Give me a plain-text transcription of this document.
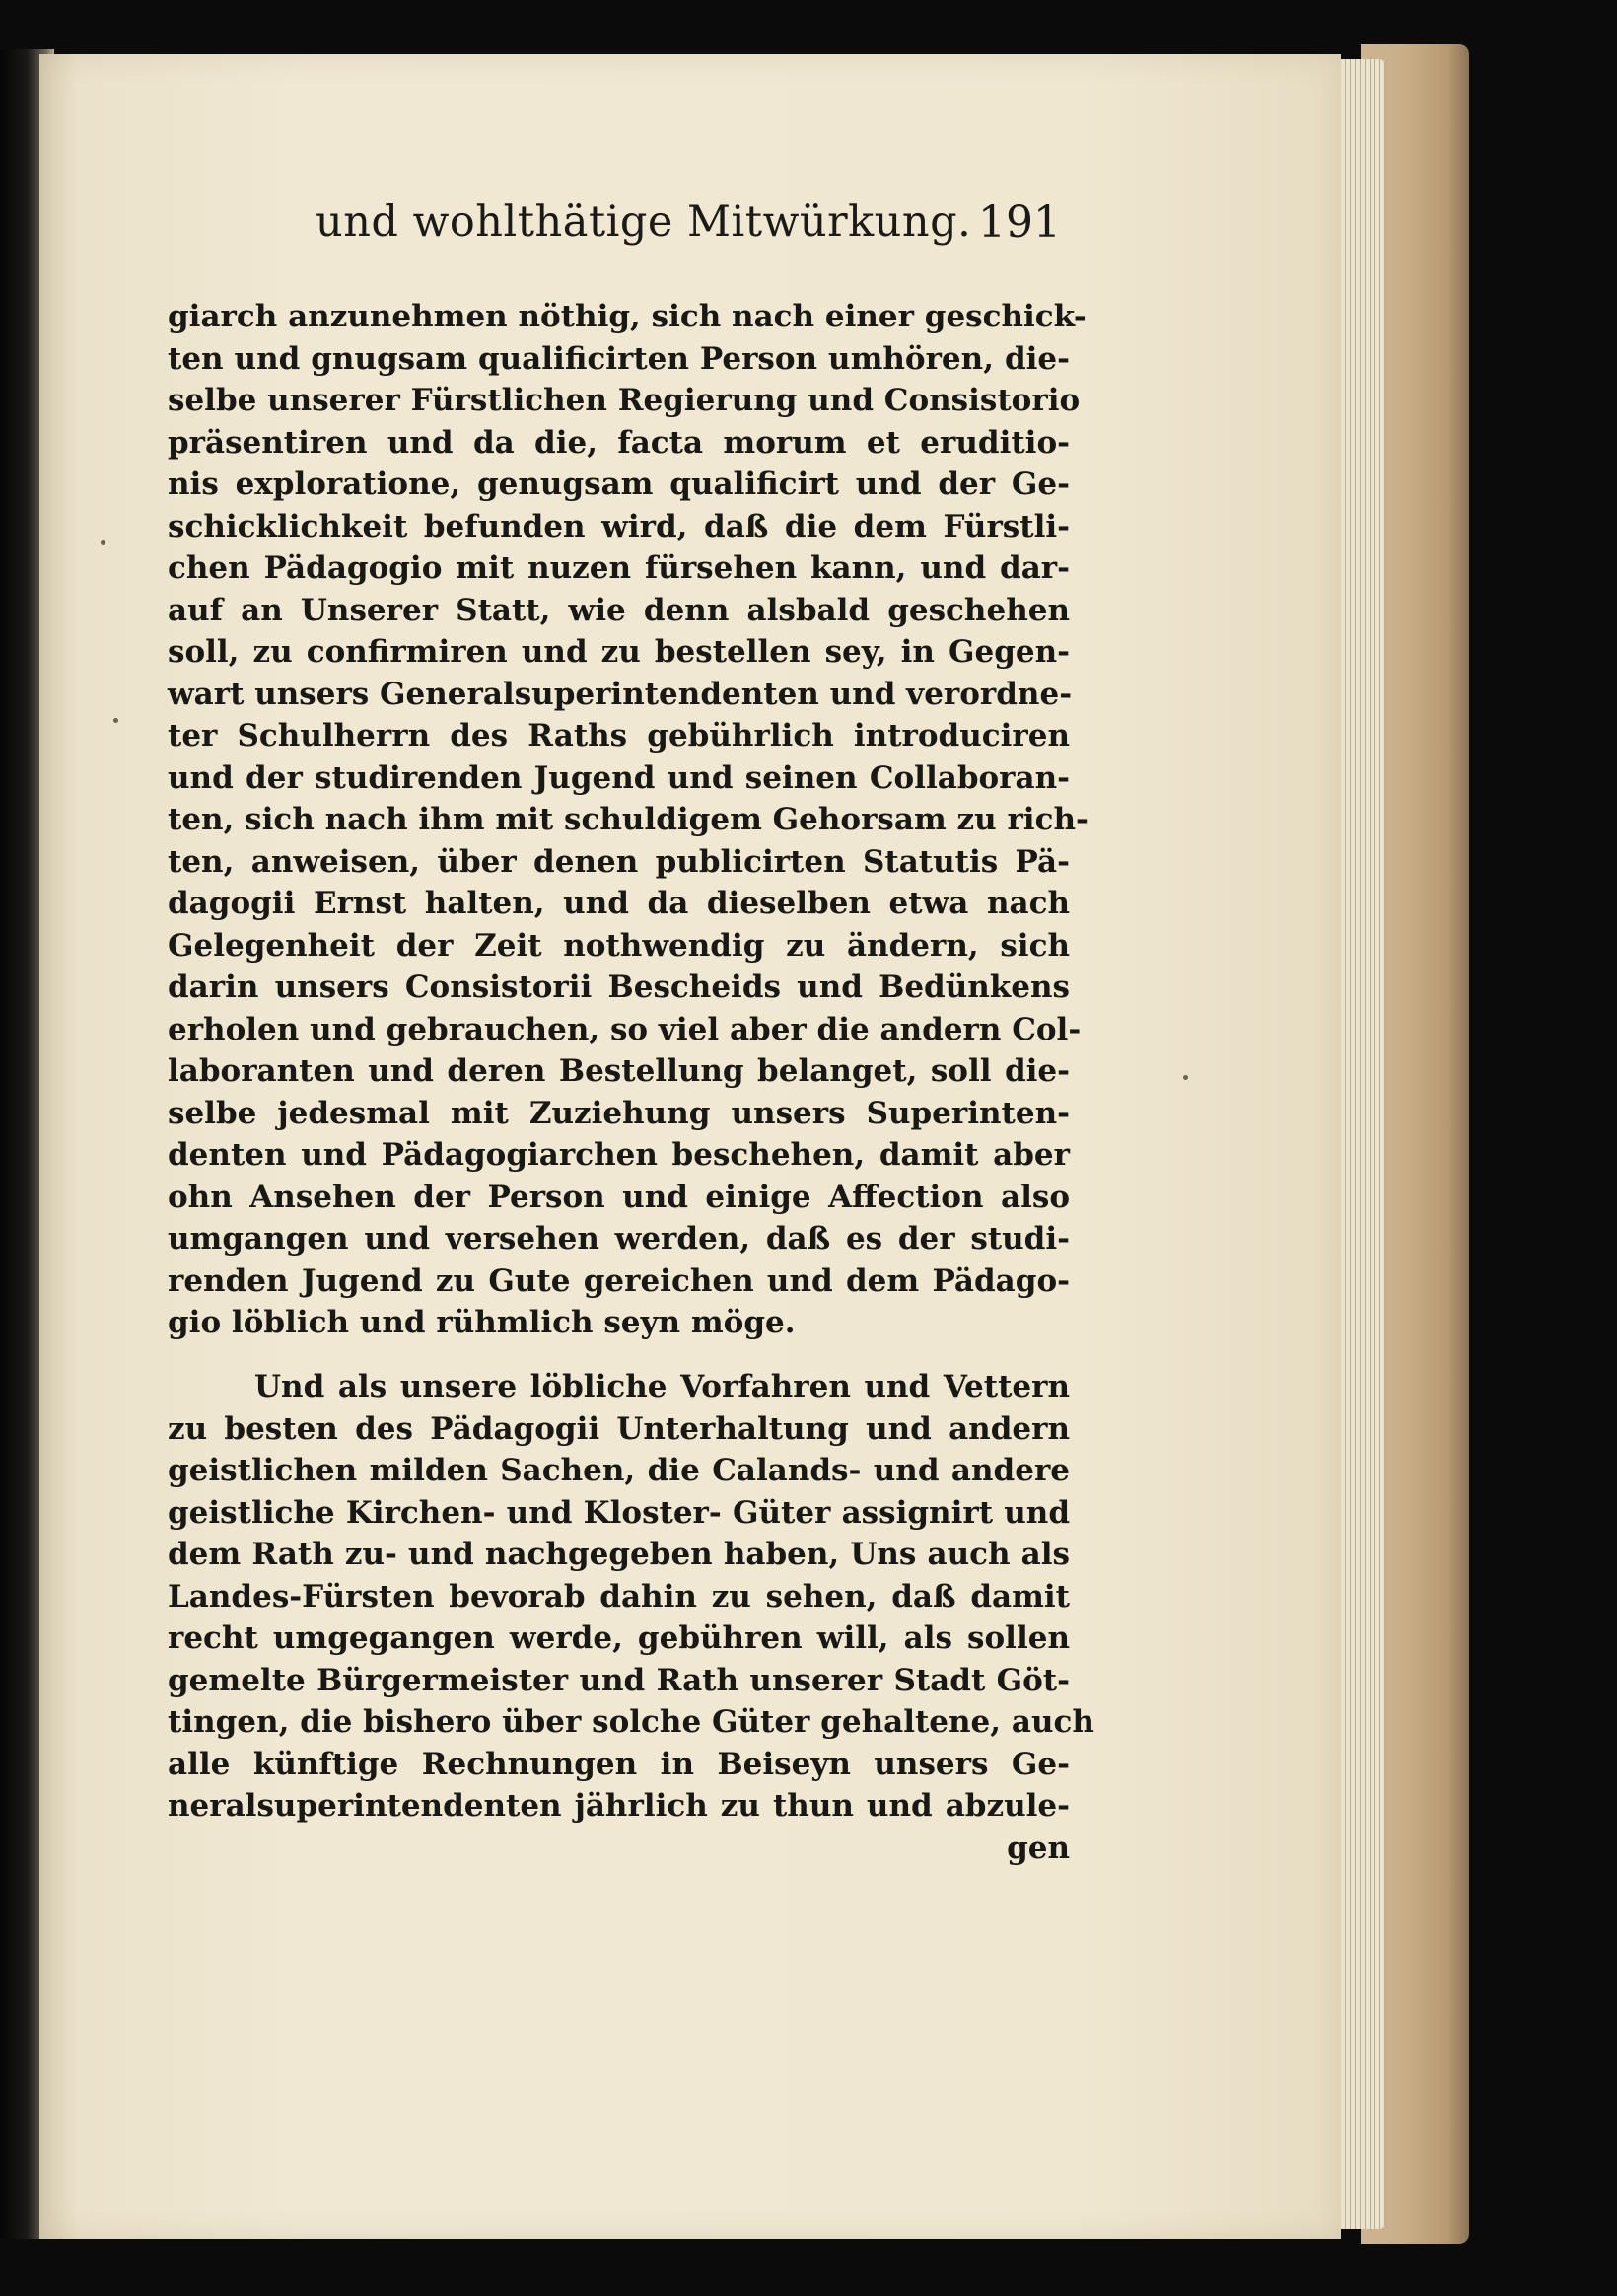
und wohlthätige Mitwürkung. 191
giarch anzunehmen nöthig, sich nach einer geschick-
ten und gnugsam qualificirten Person umhören, die-
selbe unserer Fürstlichen Regierung und Consistorio
präsentiren und da die, facta morum et eruditio-
nis exploratione, genugsam qualificirt und der Ge-
schicklichkeit befunden wird, daß die dem Fürstli-
chen Pädagogio mit nuzen fürsehen kann, und dar-
auf an Unserer Statt, wie denn alsbald geschehen
soll, zu confirmiren und zu bestellen sey, in Gegen-
wart unsers Generalsuperintendenten und verordne-
ter Schulherrn des Raths gebührlich introduciren
und der studirenden Jugend und seinen Collaboran-
ten, sich nach ihm mit schuldigem Gehorsam zu rich-
ten, anweisen, über denen publicirten Statutis Pä-
dagogii Ernst halten, und da dieselben etwa nach
Gelegenheit der Zeit nothwendig zu ändern, sich
darin unsers Consistorii Bescheids und Bedünkens
erholen und gebrauchen, so viel aber die andern Col-
laboranten und deren Bestellung belanget, soll die-
selbe jedesmal mit Zuziehung unsers Superinten-
denten und Pädagogiarchen beschehen, damit aber
ohn Ansehen der Person und einige Affection also
umgangen und versehen werden, daß es der studi-
renden Jugend zu Gute gereichen und dem Pädago-
gio löblich und rühmlich seyn möge.
Und als unsere löbliche Vorfahren und Vettern
zu besten des Pädagogii Unterhaltung und andern
geistlichen milden Sachen, die Calands- und andere
geistliche Kirchen- und Kloster- Güter assignirt und
dem Rath zu- und nachgegeben haben, Uns auch als
Landes-Fürsten bevorab dahin zu sehen, daß damit
recht umgegangen werde, gebühren will, als sollen
gemelte Bürgermeister und Rath unserer Stadt Göt-
tingen, die bishero über solche Güter gehaltene, auch
alle künftige Rechnungen in Beiseyn unsers Ge-
neralsuperintendenten jährlich zu thun und abzule-
gen
